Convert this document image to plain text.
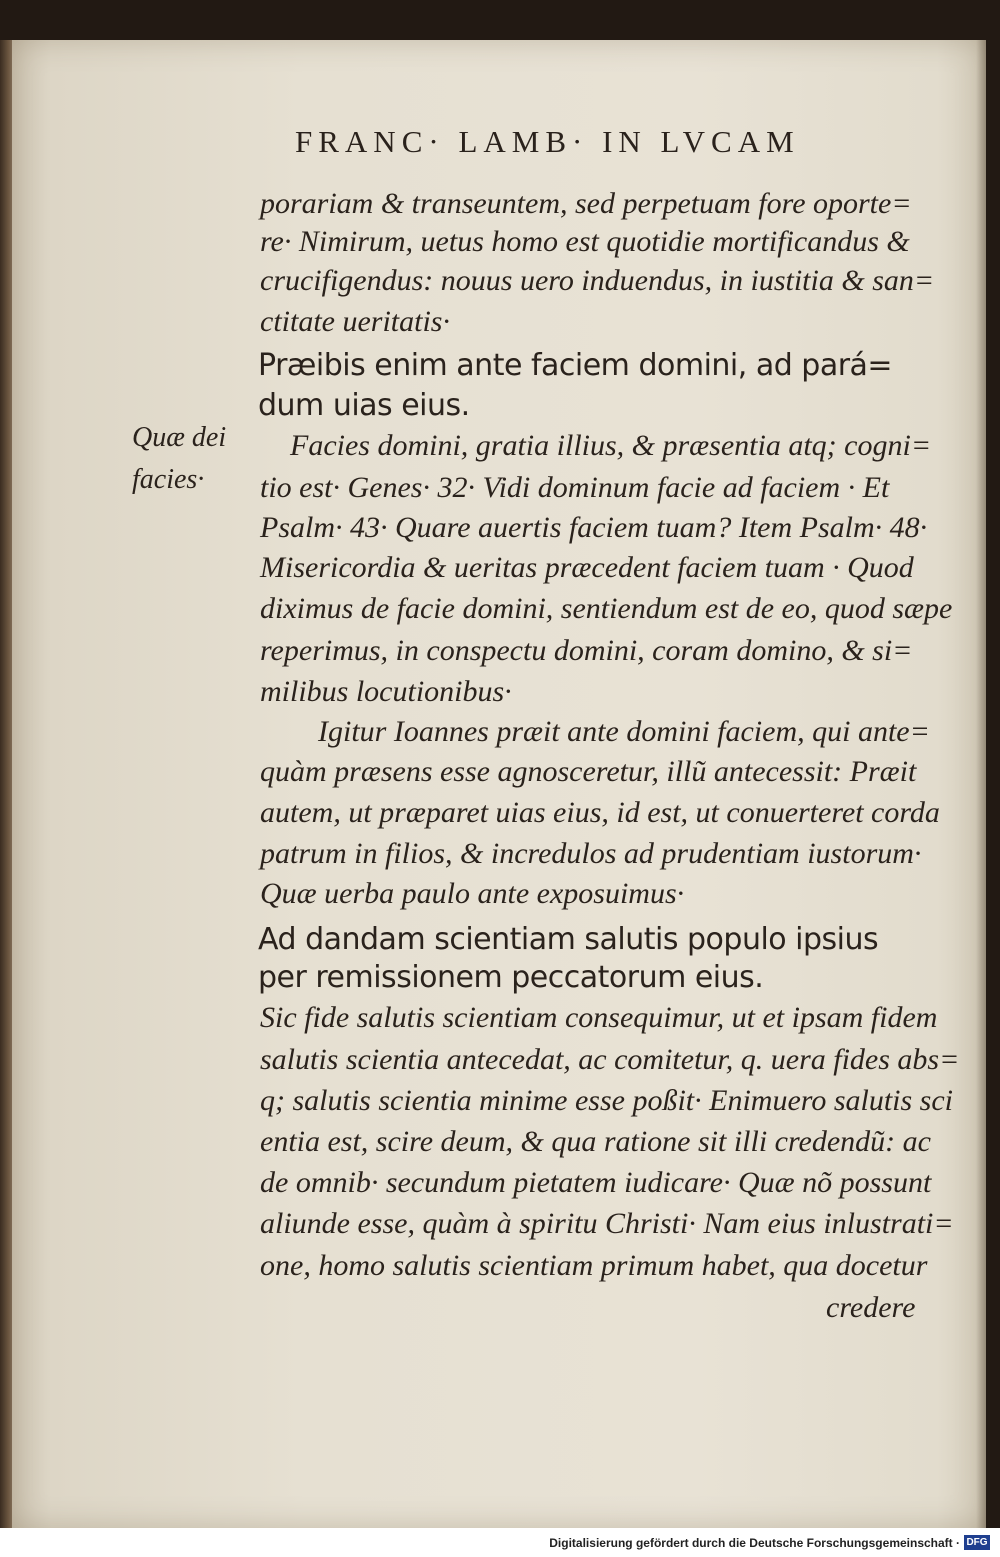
FRANC· LAMB· IN LVCAM
porariam & transeuntem, sed perpetuam fore oporte=
re· Nimirum, uetus homo est quotidie mortificandus &
crucifigendus: nouus uero induendus, in iustitia & san=
ctitate ueritatis·
Præibis enim ante faciem domini, ad pará=
dum uias eius.
Quæ dei
facies·
Facies domini, gratia illius, & præsentia atq; cogni=
tio est· Genes· 32· Vidi dominum facie ad faciem · Et
Psalm· 43· Quare auertis faciem tuam? Item Psalm· 48·
Misericordia & ueritas præcedent faciem tuam · Quod
diximus de facie domini, sentiendum est de eo, quod sæpe
reperimus, in conspectu domini, coram domino, & si=
milibus locutionibus·
Igitur Ioannes præit ante domini faciem, qui ante=
quàm præsens esse agnosceretur, illũ antecessit: Præit
autem, ut præparet uias eius, id est, ut conuerteret corda
patrum in filios, & incredulos ad prudentiam iustorum·
Quæ uerba paulo ante exposuimus·
Ad dandam scientiam salutis populo ipsius
per remissionem peccatorum eius.
Sic fide salutis scientiam consequimur, ut et ipsam fidem
salutis scientia antecedat, ac comitetur, q. uera fides abs=
q; salutis scientia minime esse poßit· Enimuero salutis sci
entia est, scire deum, & qua ratione sit illi credendũ: ac
de omnib· secundum pietatem iudicare· Quæ nõ possunt
aliunde esse, quàm à spiritu Christi· Nam eius inlustrati=
one, homo salutis scientiam primum habet, qua docetur
credere
Digitalisierung gefördert durch die Deutsche Forschungsgemeinschaft · DFG
